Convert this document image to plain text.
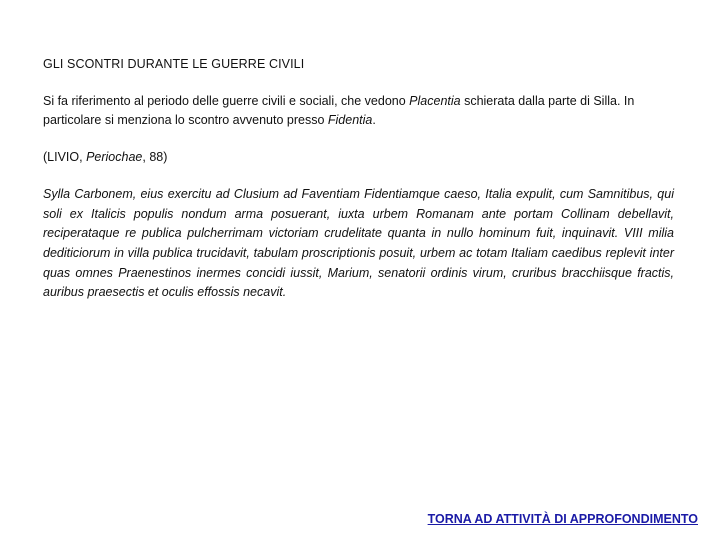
GLI SCONTRI DURANTE LE GUERRE CIVILI

Si fa riferimento al periodo delle guerre civili e sociali, che vedono Placentia schierata dalla parte di Silla. In particolare si menziona lo scontro avvenuto presso Fidentia.

(LIVIO, Periochae, 88)

Sylla Carbonem, eius exercitu ad Clusium ad Faventiam Fidentiamque caeso, Italia expulit, cum Samnitibus, qui soli ex Italicis populis nondum arma posuerant, iuxta urbem Romanam ante portam Collinam debellavit, reciperataque re publica pulcherrimam victoriam crudelitate quanta in nullo hominum fuit, inquinavit. VIII milia dediticiorum in villa publica trucidavit, tabulam proscriptionis posuit, urbem ac totam Italiam caedibus replevit inter quas omnes Praenestinos inermes concidi iussit, Marium, senatorii ordinis virum, cruribus bracchiisque fractis, auribus praesectis et oculis effossis necavit.

TORNA AD ATTIVITÀ DI APPROFONDIMENTO
